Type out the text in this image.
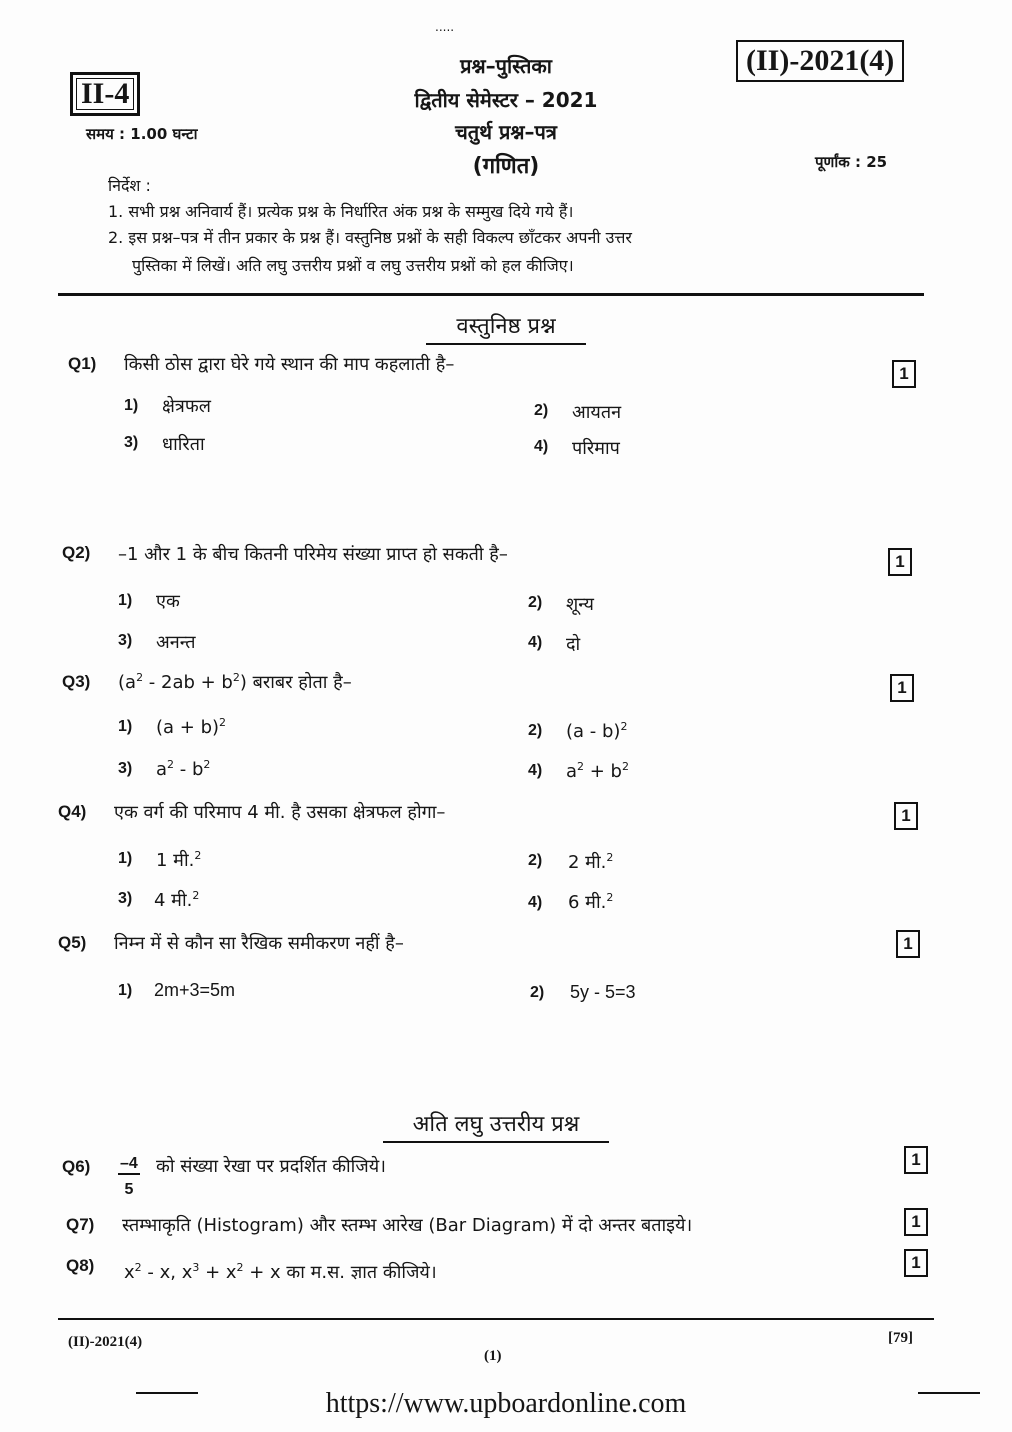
.....
प्रश्न–पुस्तिका
द्वितीय सेमेस्टर – 2021
चतुर्थ प्रश्न–पत्र
(गणित)
II-4
(II)-2021(4)
समय : 1.00 घन्टा
पूर्णांक : 25
निर्देश :
1. सभी प्रश्न अनिवार्य हैं। प्रत्येक प्रश्न के निर्धारित अंक प्रश्न के सम्मुख दिये गये हैं।
2. इस प्रश्न–पत्र में तीन प्रकार के प्रश्न हैं। वस्तुनिष्ठ प्रश्नों के सही विकल्प छाँटकर अपनी उत्तर
पुस्तिका में लिखें। अति लघु उत्तरीय प्रश्नों व लघु उत्तरीय प्रश्नों को हल कीजिए।
वस्तुनिष्ठ प्रश्न
Q1) किसी ठोस द्वारा घेरे गये स्थान की माप कहलाती है–	1
1) क्षेत्रफल	2) आयतन
3) धारिता	4) परिमाप
Q2) –1 और 1 के बीच कितनी परिमेय संख्या प्राप्त हो सकती है–	1
1) एक	2) शून्य
3) अनन्त	4) दो
Q3) $(a^2 - 2ab + b^2)$ बराबर होता है–	1
1) $(a + b)^2$	2) (a - b)$^2$
3) $a^2 - b^2$	4) $a^2 + b^2$
Q4) एक वर्ग की परिमाप 4 मी. है उसका क्षेत्रफल होगा–	1
1) 1 मी.$^2$	2) 2 मी.$^2$
3) 4 मी.$^2$	4) 6 मी.$^2$
Q5) निम्न में से कौन सा रैखिक समीकरण नहीं है–	1
1) 2m+3=5m	2) 5y - 5=3
अति लघु उत्तरीय प्रश्न
$Q6) \frac{-4}{5}$ को संख्या रेखा पर प्रदर्शित कीजिये।	1
Q7) स्तम्भाकृति (Histogram) और स्तम्भ आरेख (Bar Diagram) में दो अन्तर बताइये।	1
Q8) $x^2$ - x, $x^3 + x^2 + x$ का म.स. ज्ञात कीजिये।	1
(II)-2021(4)
(1)
[79]
https://www.upboardonline.com
